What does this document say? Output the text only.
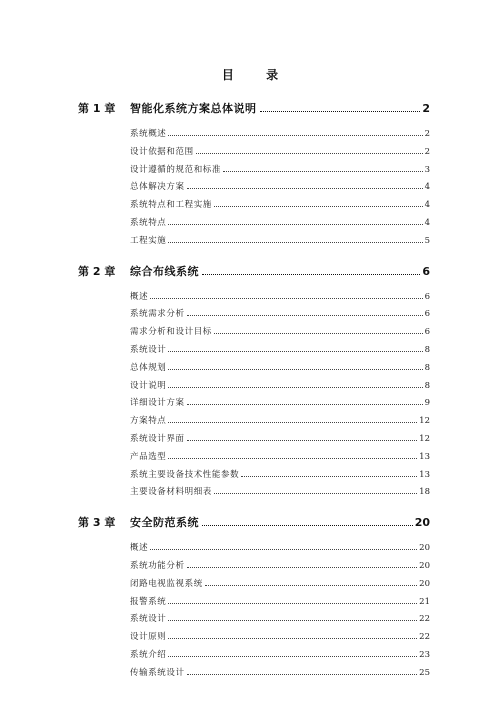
目 录
第 1 章	智能化系统方案总体说明	2
系统概述	2
设计依据和范围	2
设计遵循的规范和标准	3
总体解决方案	4
系统特点和工程实施	4
系统特点	4
工程实施	5
第 2 章	综合布线系统	6
概述	6
系统需求分析	6
需求分析和设计目标	6
系统设计	8
总体规划	8
设计说明	8
详细设计方案	9
方案特点	12
系统设计界面	12
产品选型	13
系统主要设备技术性能参数	13
主要设备材料明细表	18
第 3 章	安全防范系统	20
概述	20
系统功能分析	20
闭路电视监视系统	20
报警系统	21
系统设计	22
设计原则	22
系统介绍	23
传输系统设计	25
